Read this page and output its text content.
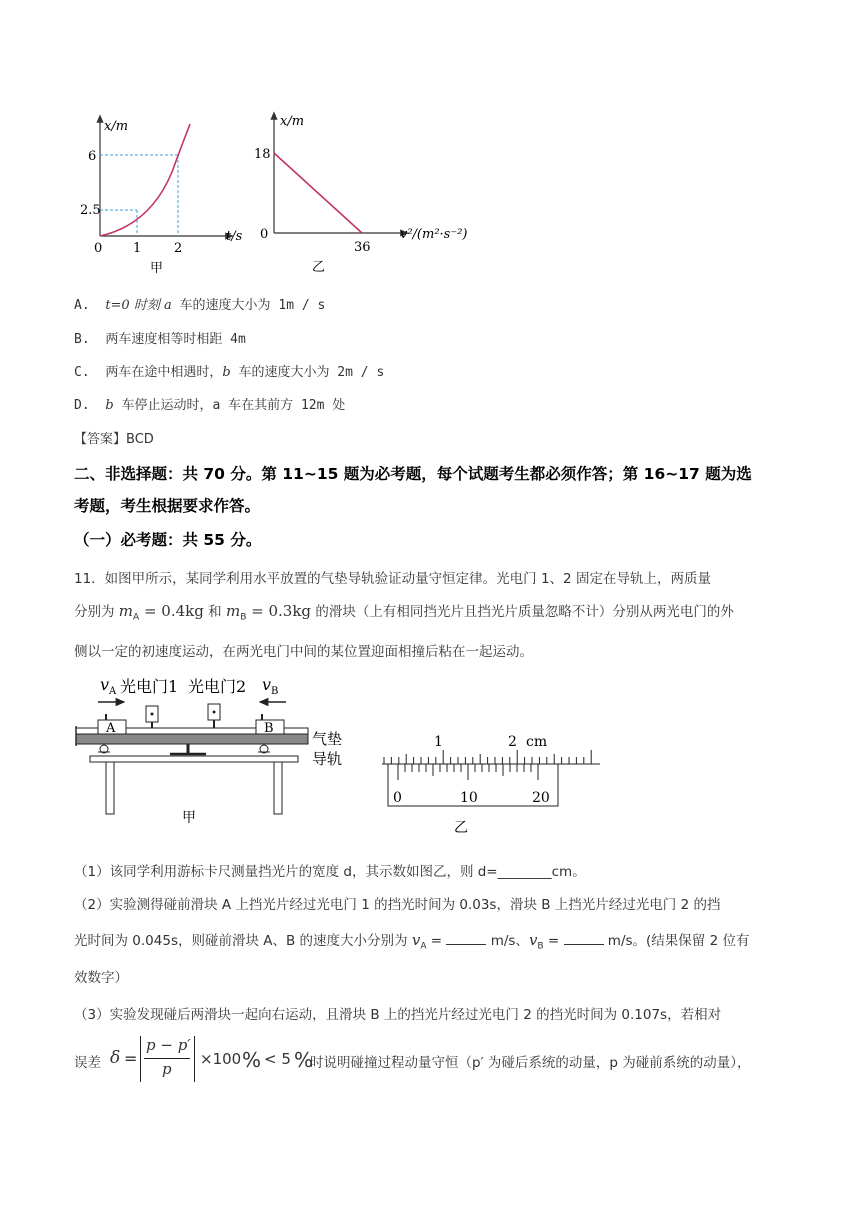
x/m
t/s
0
6
2.5
1	2
甲
x/m
18
0
36
v²/(m²·s⁻²)
乙
A. t=0 时刻 a 车的速度大小为 1m / s
B. 两车速度相等时相距 4m
C. 两车在途中相遇时，b 车的速度大小为 2m / s
D. b 车停止运动时，a 车在其前方 12m 处
【答案】BCD
二、非选择题：共 70 分。第 11~15 题为必考题，每个试题考生都必须作答；第 16~17 题为选
考题，考生根据要求作答。
（一）必考题：共 55 分。
11．如图甲所示，某同学利用水平放置的气垫导轨验证动量守恒定律。光电门 1、2 固定在导轨上，两质量
分别为 $m_A = 0.4kg$ 和 $m_B = 0.3kg$ 的滑块（上有相同挡光片且挡光片质量忽略不计）分别从两光电门的外
侧以一定的初速度运动，在两光电门中间的某位置迎面相撞后粘在一起运动。
$v_A$ 光电门1 光电门2 $v_B$
A	B
气垫
导轨
甲
1	2 cm
0	10	20
乙
（1）该同学利用游标卡尺测量挡光片的宽度 d，其示数如图乙，则 d=________cm。
（2）实验测得碰前滑块 A 上挡光片经过光电门 1 的挡光时间为 0.03s，滑块 B 上挡光片经过光电门 2 的挡
光时间为 0.045s，则碰前滑块 A、B 的速度大小分别为 $v_A$ =	m/s、$v_B$ =	m/s。(结果保留 2 位有
效数字）
（3）实验发现碰后两滑块一起向右运动，且滑块 B 上的挡光片经过光电门 2 的挡光时间为 0.107s，若相对
误差 δ =
p − p′
p
×100 % < 5 %
时说明碰撞过程动量守恒（p′ 为碰后系统的动量，p 为碰前系统的动量），
